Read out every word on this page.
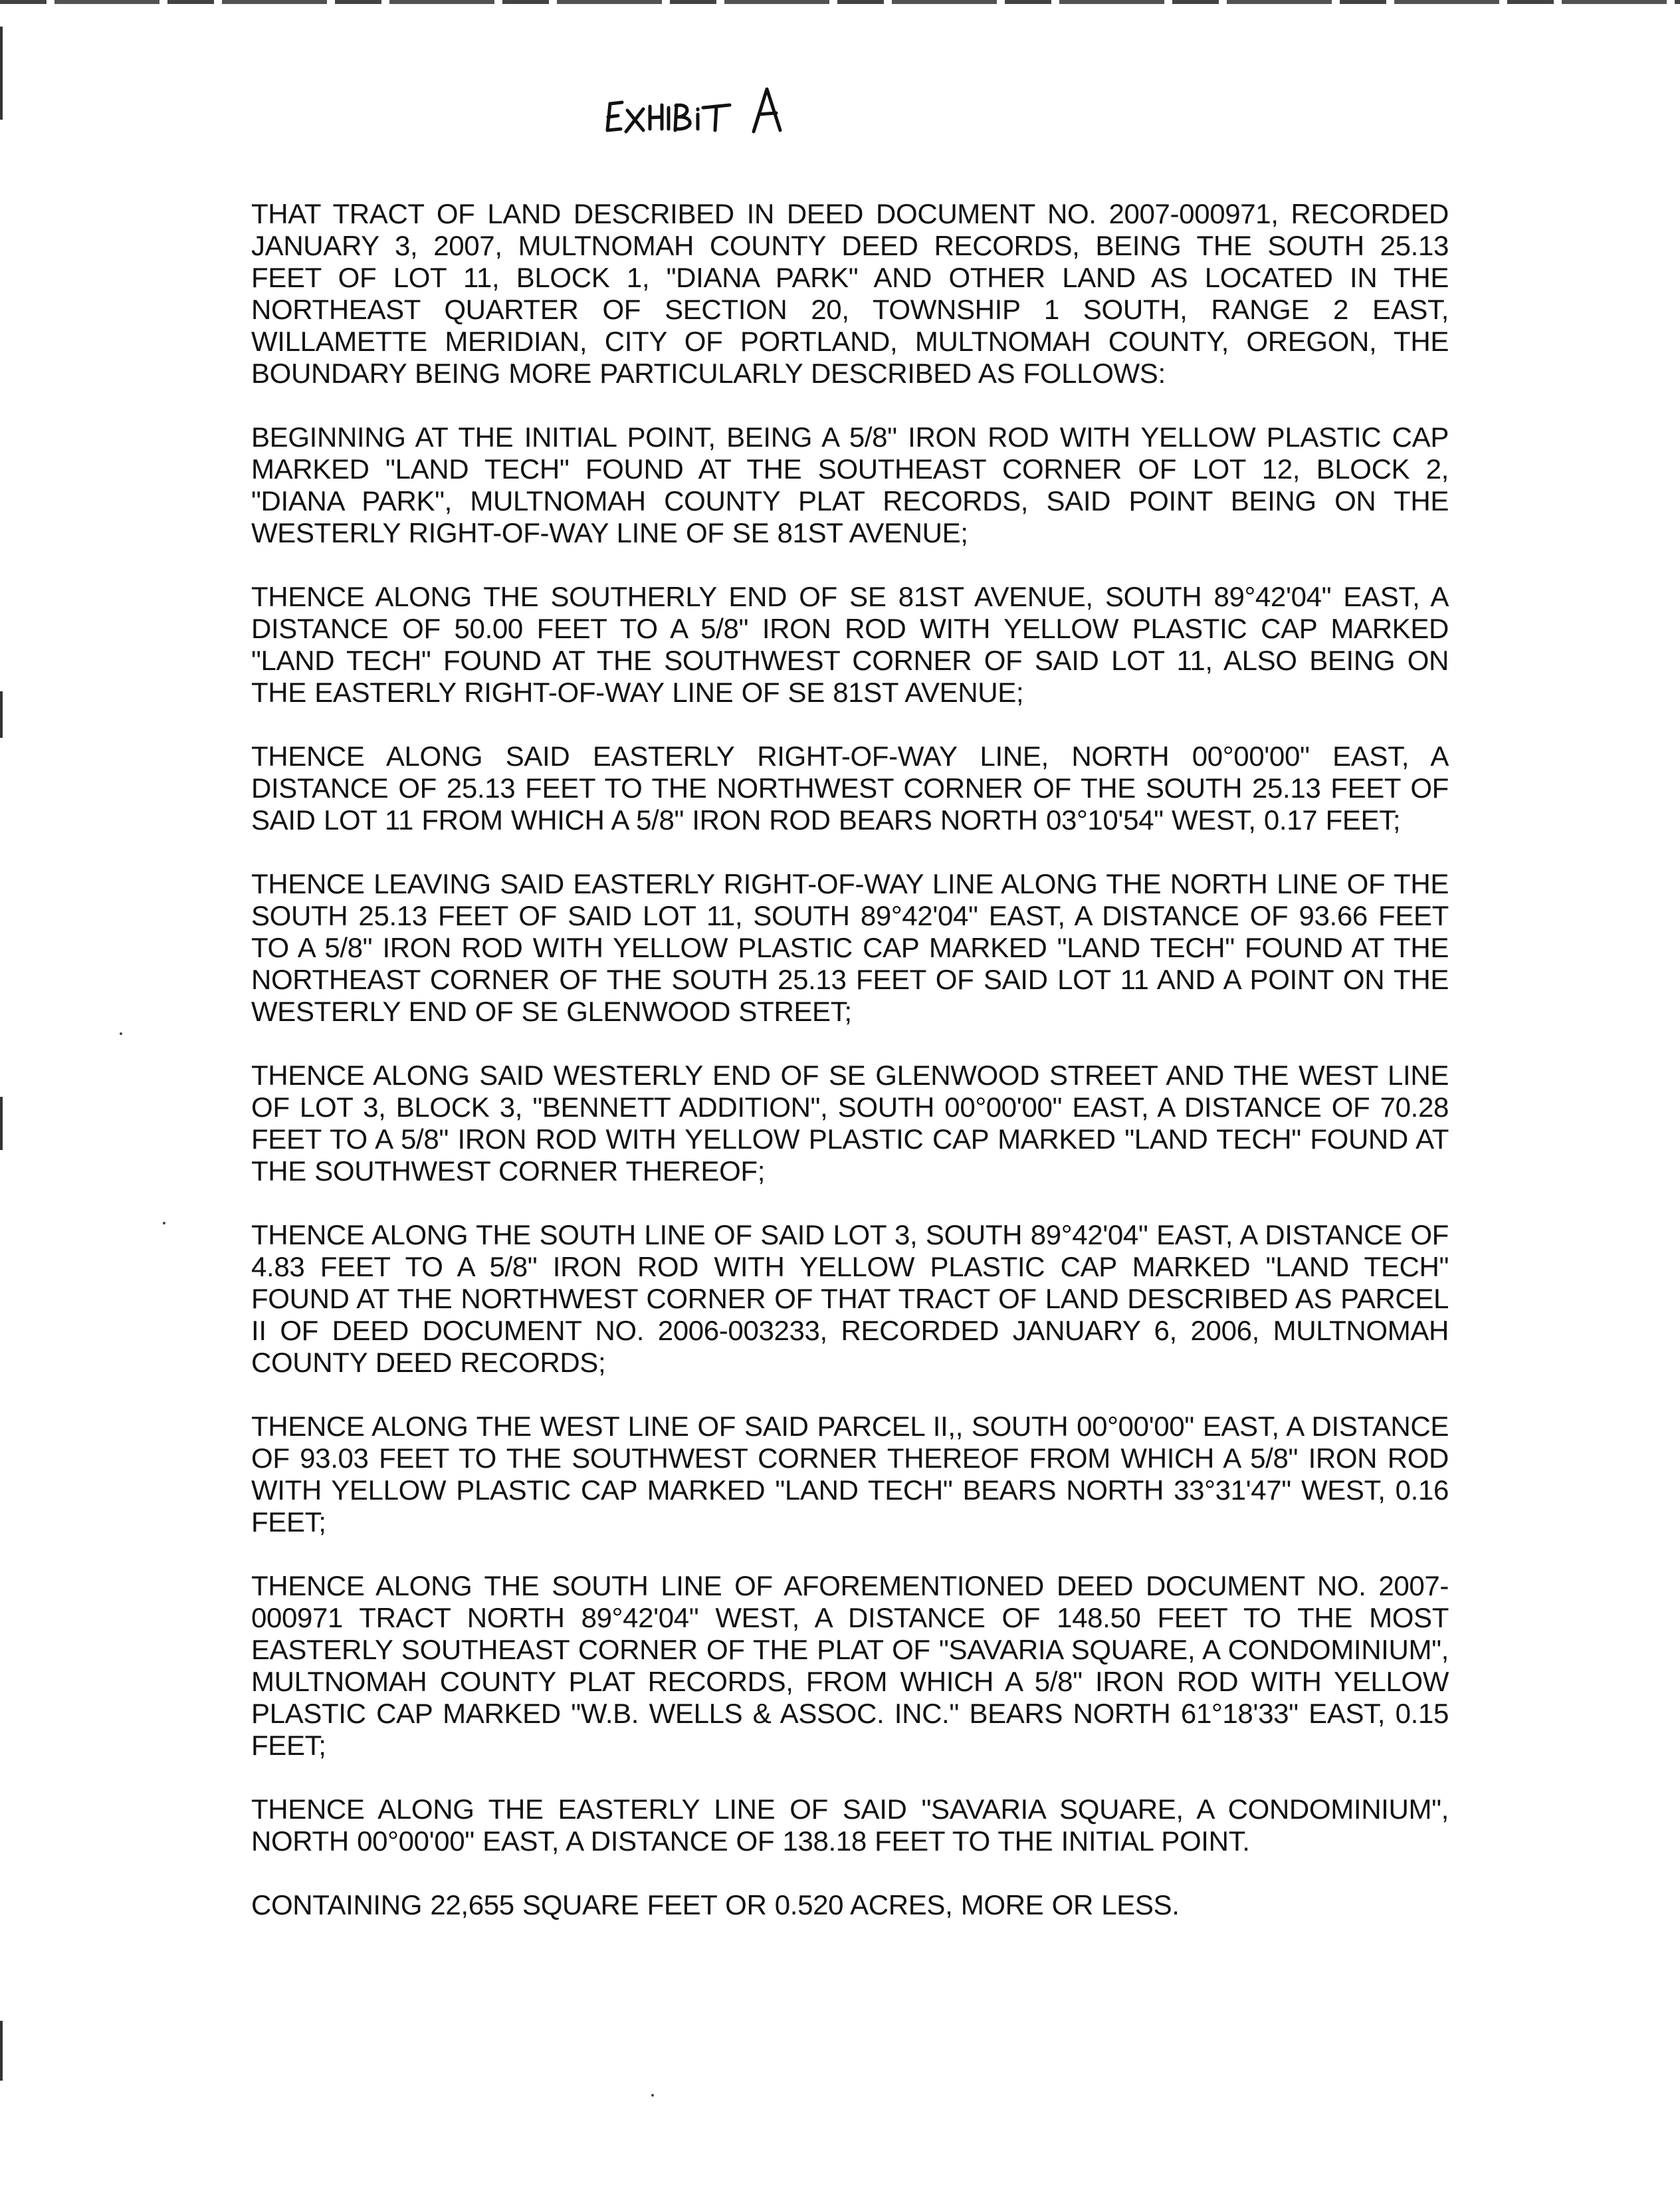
THAT TRACT OF LAND DESCRIBED IN DEED DOCUMENT NO. 2007-000971, RECORDED JANUARY 3, 2007, MULTNOMAH COUNTY DEED RECORDS, BEING THE SOUTH 25.13 FEET OF LOT 11, BLOCK 1, "DIANA PARK" AND OTHER LAND AS LOCATED IN THE NORTHEAST QUARTER OF SECTION 20, TOWNSHIP 1 SOUTH, RANGE 2 EAST, WILLAMETTE MERIDIAN, CITY OF PORTLAND, MULTNOMAH COUNTY, OREGON, THE BOUNDARY BEING MORE PARTICULARLY DESCRIBED AS FOLLOWS:

BEGINNING AT THE INITIAL POINT, BEING A 5/8" IRON ROD WITH YELLOW PLASTIC CAP MARKED "LAND TECH" FOUND AT THE SOUTHEAST CORNER OF LOT 12, BLOCK 2, "DIANA PARK", MULTNOMAH COUNTY PLAT RECORDS, SAID POINT BEING ON THE WESTERLY RIGHT-OF-WAY LINE OF SE 81ST AVENUE;

THENCE ALONG THE SOUTHERLY END OF SE 81ST AVENUE, SOUTH 89°42'04" EAST, A DISTANCE OF 50.00 FEET TO A 5/8" IRON ROD WITH YELLOW PLASTIC CAP MARKED "LAND TECH" FOUND AT THE SOUTHWEST CORNER OF SAID LOT 11, ALSO BEING ON THE EASTERLY RIGHT-OF-WAY LINE OF SE 81ST AVENUE;

THENCE ALONG SAID EASTERLY RIGHT-OF-WAY LINE, NORTH 00°00'00" EAST, A DISTANCE OF 25.13 FEET TO THE NORTHWEST CORNER OF THE SOUTH 25.13 FEET OF SAID LOT 11 FROM WHICH A 5/8" IRON ROD BEARS NORTH 03°10'54" WEST, 0.17 FEET;

THENCE LEAVING SAID EASTERLY RIGHT-OF-WAY LINE ALONG THE NORTH LINE OF THE SOUTH 25.13 FEET OF SAID LOT 11, SOUTH 89°42'04" EAST, A DISTANCE OF 93.66 FEET TO A 5/8" IRON ROD WITH YELLOW PLASTIC CAP MARKED "LAND TECH" FOUND AT THE NORTHEAST CORNER OF THE SOUTH 25.13 FEET OF SAID LOT 11 AND A POINT ON THE WESTERLY END OF SE GLENWOOD STREET;

THENCE ALONG SAID WESTERLY END OF SE GLENWOOD STREET AND THE WEST LINE OF LOT 3, BLOCK 3, "BENNETT ADDITION", SOUTH 00°00'00" EAST, A DISTANCE OF 70.28 FEET TO A 5/8" IRON ROD WITH YELLOW PLASTIC CAP MARKED "LAND TECH" FOUND AT THE SOUTHWEST CORNER THEREOF;

THENCE ALONG THE SOUTH LINE OF SAID LOT 3, SOUTH 89°42'04" EAST, A DISTANCE OF 4.83 FEET TO A 5/8" IRON ROD WITH YELLOW PLASTIC CAP MARKED "LAND TECH" FOUND AT THE NORTHWEST CORNER OF THAT TRACT OF LAND DESCRIBED AS PARCEL II OF DEED DOCUMENT NO. 2006-003233, RECORDED JANUARY 6, 2006, MULTNOMAH COUNTY DEED RECORDS;

THENCE ALONG THE WEST LINE OF SAID PARCEL II,, SOUTH 00°00'00" EAST, A DISTANCE OF 93.03 FEET TO THE SOUTHWEST CORNER THEREOF FROM WHICH A 5/8" IRON ROD WITH YELLOW PLASTIC CAP MARKED "LAND TECH" BEARS NORTH 33°31'47" WEST, 0.16 FEET;

THENCE ALONG THE SOUTH LINE OF AFOREMENTIONED DEED DOCUMENT NO. 2007-000971 TRACT NORTH 89°42'04" WEST, A DISTANCE OF 148.50 FEET TO THE MOST EASTERLY SOUTHEAST CORNER OF THE PLAT OF "SAVARIA SQUARE, A CONDOMINIUM", MULTNOMAH COUNTY PLAT RECORDS, FROM WHICH A 5/8" IRON ROD WITH YELLOW PLASTIC CAP MARKED "W.B. WELLS & ASSOC. INC." BEARS NORTH 61°18'33" EAST, 0.15 FEET;

THENCE ALONG THE EASTERLY LINE OF SAID "SAVARIA SQUARE, A CONDOMINIUM", NORTH 00°00'00" EAST, A DISTANCE OF 138.18 FEET TO THE INITIAL POINT.

CONTAINING 22,655 SQUARE FEET OR 0.520 ACRES, MORE OR LESS.
